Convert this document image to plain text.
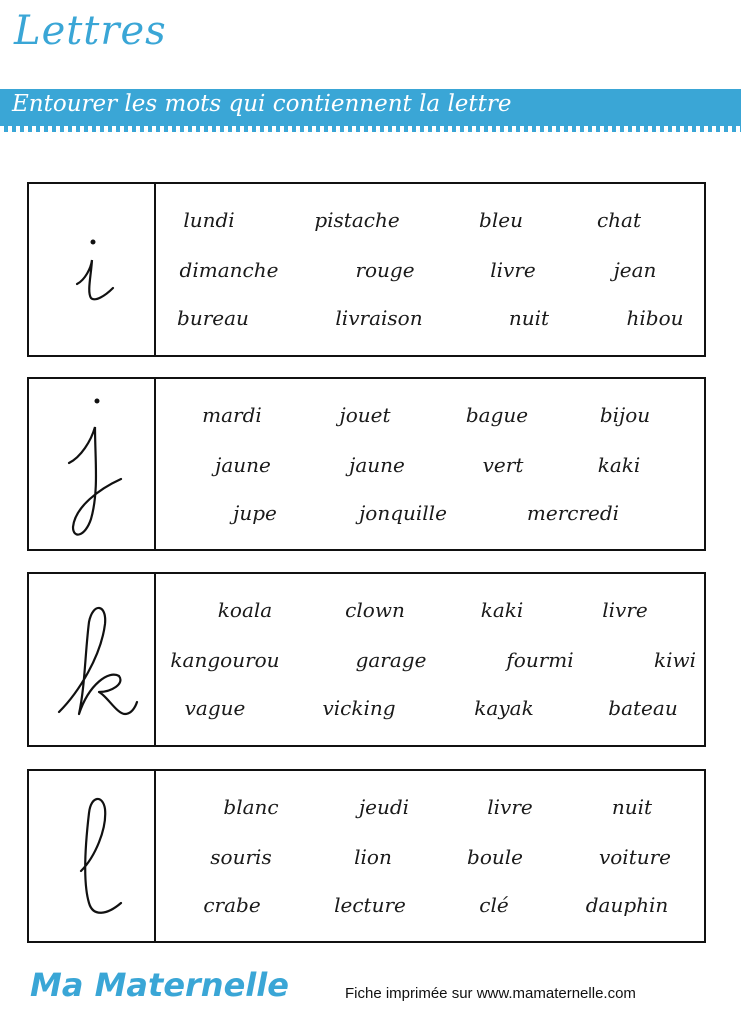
Lettres
Entourer les mots qui contiennent la lettre
lundi	pistache	bleu	chat
dimanche	rouge	livre	jean
bureau	livraison	nuit	hibou
mardi	jouet	bague	bijou
jaune	jaune	vert	kaki
jupe	jonquille	mercredi
koala	clown	kaki	livre
kangourou	garage	fourmi	kiwi
vague	vicking	kayak	bateau
blanc	jeudi	livre	nuit
souris	lion	boule	voiture
crabe	lecture	clé	dauphin
Ma Maternelle	Fiche imprimée sur www.mamaternelle.com
